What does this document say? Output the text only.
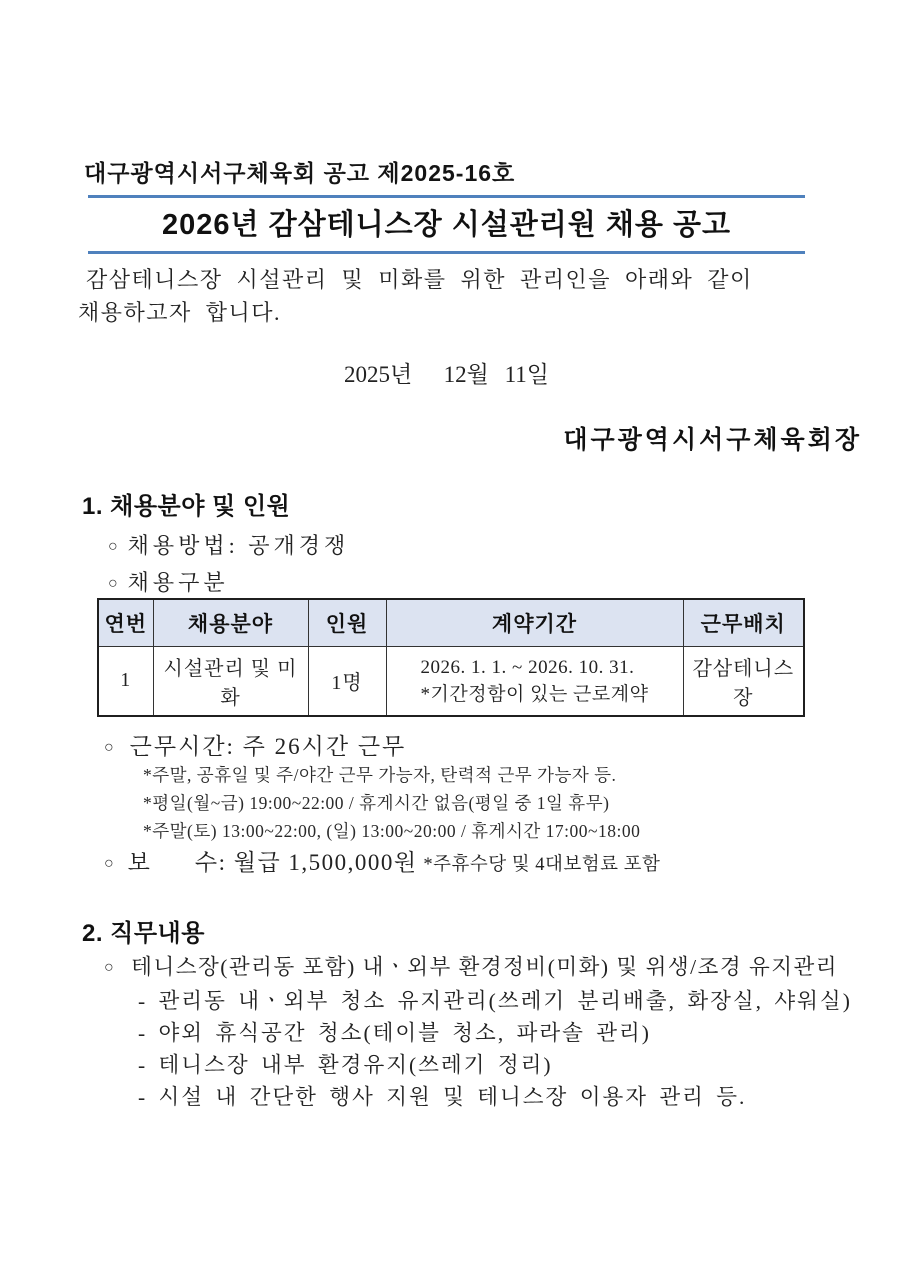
대구광역시서구체육회 공고 제2025-16호
2026년 감삼테니스장 시설관리원 채용 공고
감삼테니스장 시설관리 및 미화를 위한 관리인을 아래와 같이
채용하고자 합니다.
2025년  12월 11일
대구광역시서구체육회장
1. 채용분야 및 인원
○ 채용방법: 공개경쟁
○ 채용구분
연번	채용분야	인원	계약기간	근무배치
1	시설관리 및 미화	1명	2026. 1. 1. ~ 2026. 10. 31.
*기간정함이 있는 근로계약	감삼테니스장
○ 근무시간: 주 26시간 근무
*주말, 공휴일 및 주/야간 근무 가능자, 탄력적 근무 가능자 등.
*평일(월~금) 19:00~22:00 / 휴게시간 없음(평일 중 1일 휴무)
*주말(토) 13:00~22:00, (일) 13:00~20:00 / 휴게시간 17:00~18:00
○ 보      수: 월급 1,500,000원 *주휴수당 및 4대보험료 포함
2. 직무내용
○ 테니스장(관리동 포함) 내ㆍ외부 환경정비(미화) 및 위생/조경 유지관리
- 관리동 내ㆍ외부 청소 유지관리(쓰레기 분리배출, 화장실, 샤워실)
- 야외 휴식공간 청소(테이블 청소, 파라솔 관리)
- 테니스장 내부 환경유지(쓰레기 정리)
- 시설 내 간단한 행사 지원 및 테니스장 이용자 관리 등.
